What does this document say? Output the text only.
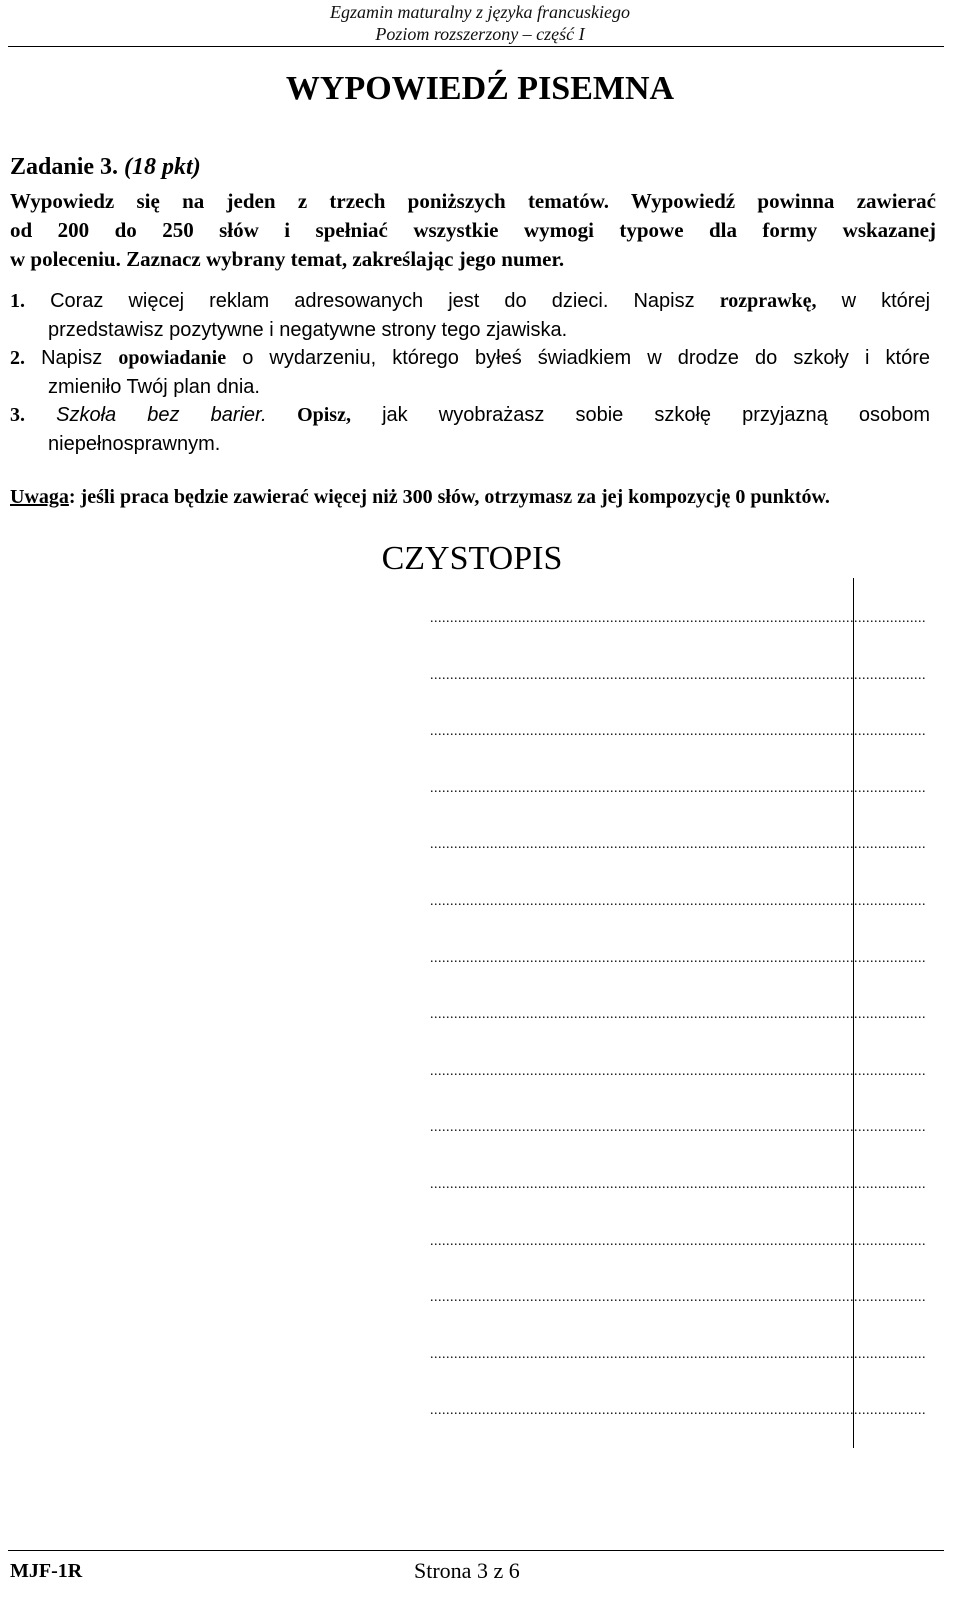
Egzamin maturalny z języka francuskiego
Poziom rozszerzony – część I
WYPOWIEDŹ PISEMNA
Zadanie 3. (18 pkt)
Wypowiedz się na jeden z trzech poniższych tematów. Wypowiedź powinna zawierać
od 200 do 250 słów i spełniać wszystkie wymogi typowe dla formy wskazanej
w poleceniu. Zaznacz wybrany temat, zakreślając jego numer.
1. Coraz więcej reklam adresowanych jest do dzieci. Napisz rozprawkę, w której
przedstawisz pozytywne i negatywne strony tego zjawiska.
2. Napisz opowiadanie o wydarzeniu, którego byłeś świadkiem w drodze do szkoły i które
zmieniło Twój plan dnia.
3. Szkoła bez barier. Opisz, jak wyobrażasz sobie szkołę przyjazną osobom
niepełnosprawnym.
Uwaga: jeśli praca będzie zawierać więcej niż 300 słów, otrzymasz za jej kompozycję 0 punktów.
CZYSTOPIS
............................................................................................................................
............................................................................................................................
............................................................................................................................
............................................................................................................................
............................................................................................................................
............................................................................................................................
............................................................................................................................
............................................................................................................................
............................................................................................................................
............................................................................................................................
............................................................................................................................
............................................................................................................................
............................................................................................................................
............................................................................................................................
............................................................................................................................
MJF-1R	Strona 3 z 6
